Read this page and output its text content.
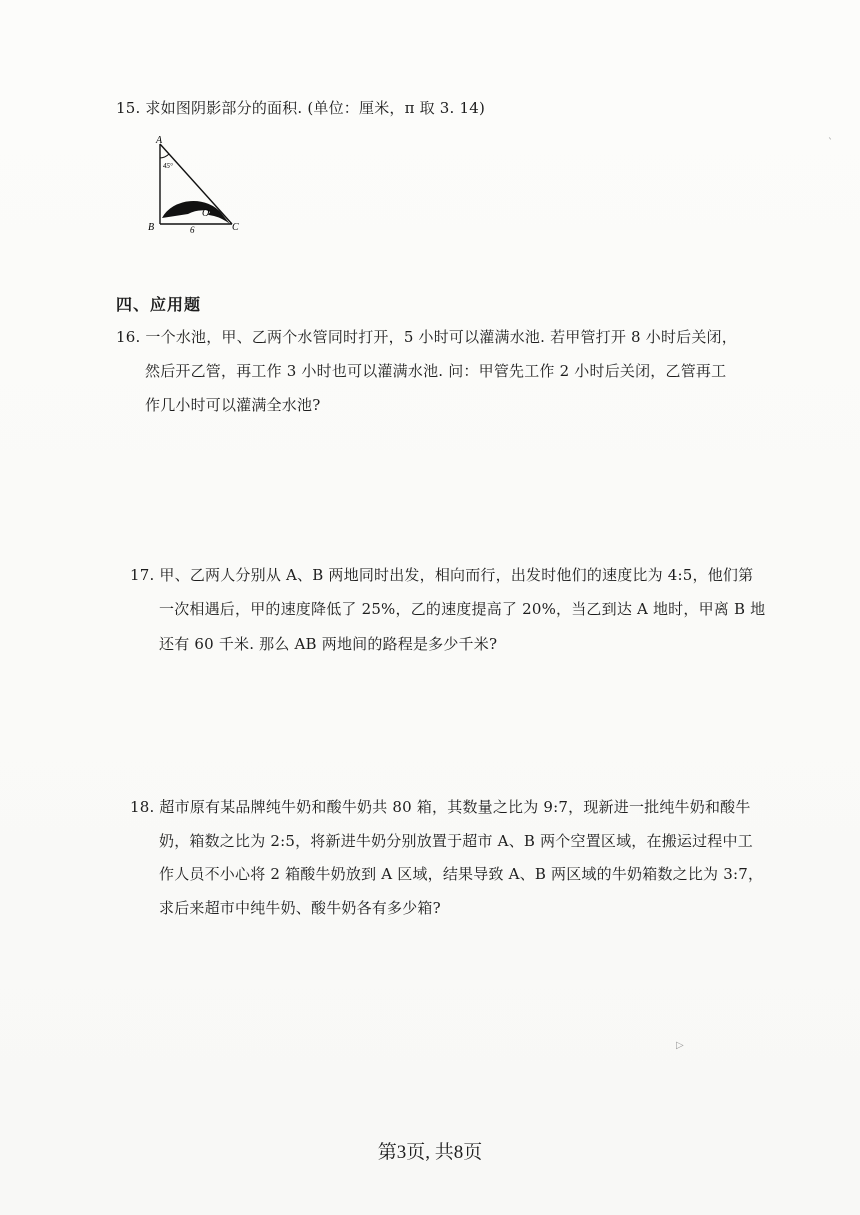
15. 求如图阴影部分的面积. (单位：厘米，π 取 3. 14)
A
45°
B	C
O
6
四、应用题
16. 一个水池，甲、乙两个水管同时打开，5 小时可以灌满水池. 若甲管打开 8 小时后关闭，
然后开乙管，再工作 3 小时也可以灌满水池. 问：甲管先工作 2 小时后关闭，乙管再工
作几小时可以灌满全水池?
17. 甲、乙两人分别从 A、B 两地同时出发，相向而行，出发时他们的速度比为 4:5，他们第
一次相遇后，甲的速度降低了 25%，乙的速度提高了 20%，当乙到达 A 地时，甲离 B 地
还有 60 千米. 那么 AB 两地间的路程是多少千米?
18. 超市原有某品牌纯牛奶和酸牛奶共 80 箱，其数量之比为 9:7，现新进一批纯牛奶和酸牛
奶，箱数之比为 2:5，将新进牛奶分别放置于超市 A、B 两个空置区域，在搬运过程中工
作人员不小心将 2 箱酸牛奶放到 A 区域，结果导致 A、B 两区域的牛奶箱数之比为 3:7，
求后来超市中纯牛奶、酸牛奶各有多少箱?
`
▷
第3页, 共8页
